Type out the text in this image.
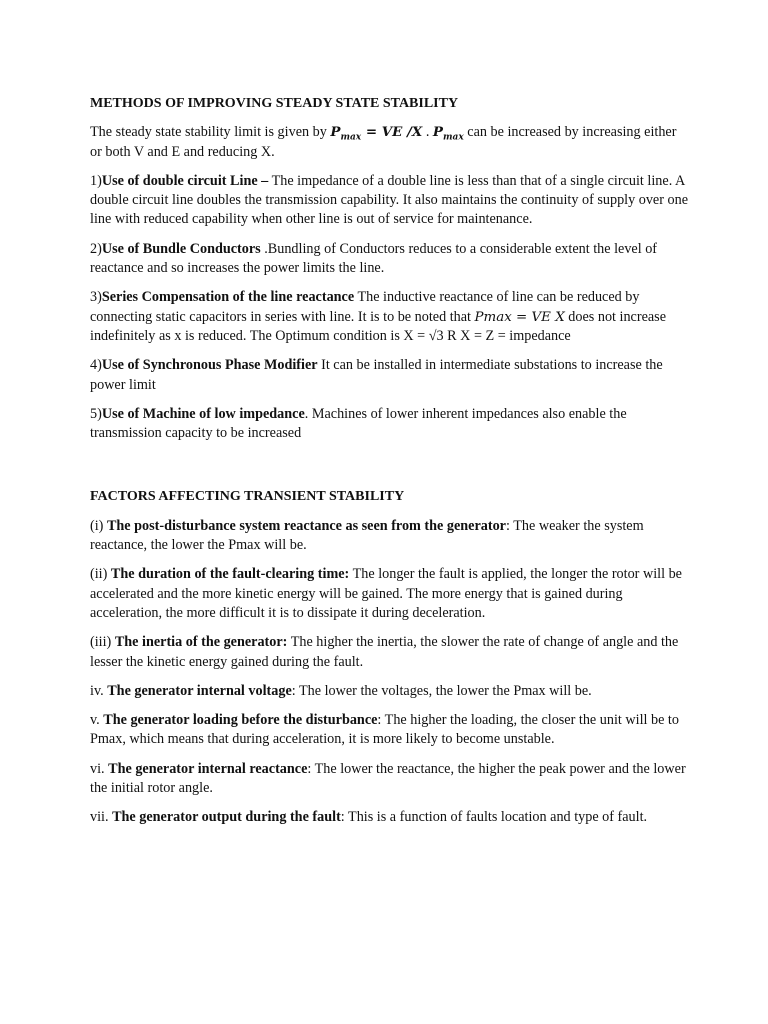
METHODS OF IMPROVING STEADY STATE STABILITY

The steady state stability limit is given by $P_{max}$ = VE /X . $P_{max}$ can be increased by increasing either or both V and E and reducing X.

1)Use of double circuit Line – The impedance of a double line is less than that of a single circuit line. A double circuit line doubles the transmission capability. It also maintains the continuity of supply over one line with reduced capability when other line is out of service for maintenance.

2)Use of Bundle Conductors .Bundling of Conductors reduces to a considerable extent the level of reactance and so increases the power limits the line.

3)Series Compensation of the line reactance The inductive reactance of line can be reduced by connecting static capacitors in series with line. It is to be noted that Pmax = VE X does not increase indefinitely as x is reduced. The Optimum condition is X = √3 R X = Z = impedance

4)Use of Synchronous Phase Modifier It can be installed in intermediate substations to increase the power limit

5)Use of Machine of low impedance. Machines of lower inherent impedances also enable the transmission capacity to be increased

FACTORS AFFECTING TRANSIENT STABILITY

(i) The post-disturbance system reactance as seen from the generator: The weaker the system reactance, the lower the Pmax will be.

(ii) The duration of the fault-clearing time: The longer the fault is applied, the longer the rotor will be accelerated and the more kinetic energy will be gained. The more energy that is gained during acceleration, the more difficult it is to dissipate it during deceleration.

(iii) The inertia of the generator: The higher the inertia, the slower the rate of change of angle and the lesser the kinetic energy gained during the fault.

iv. The generator internal voltage: The lower the voltages, the lower the Pmax will be.

v. The generator loading before the disturbance: The higher the loading, the closer the unit will be to Pmax, which means that during acceleration, it is more likely to become unstable.

vi. The generator internal reactance: The lower the reactance, the higher the peak power and the lower the initial rotor angle.

vii. The generator output during the fault: This is a function of faults location and type of fault.
